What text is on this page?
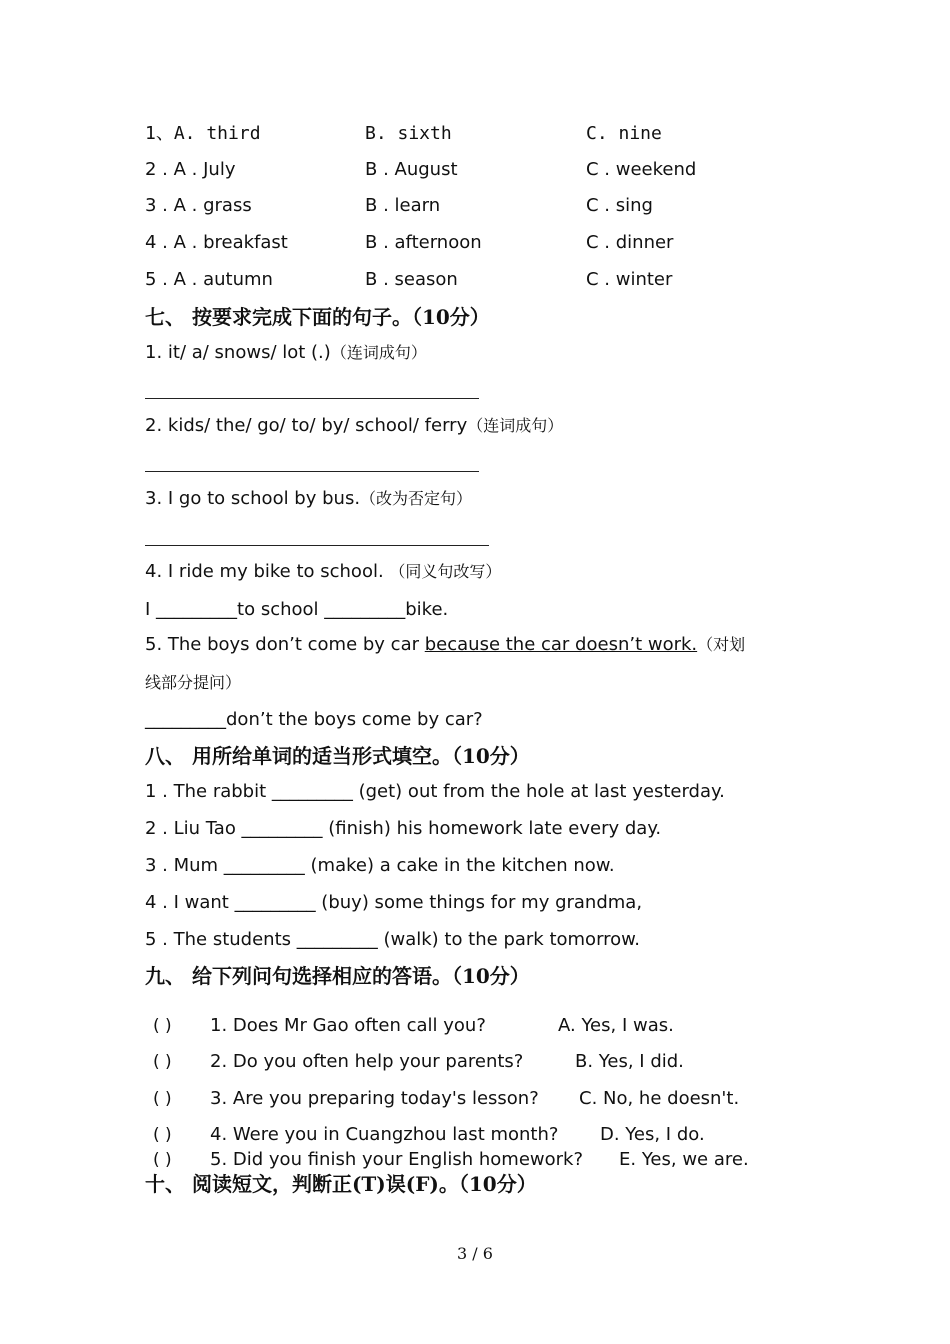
1、A. third	B. sixth	C. nine
2 . A . July	B . August	C . weekend
3 . A . grass	B . learn	C . sing
4 . A . breakfast	B . afternoon	C . dinner
5 . A . autumn	B . season	C . winter
七、 按要求完成下面的句子。（10分）
1. it/ a/ snows/ lot (.)（连词成句）
2. kids/ the/ go/ to/ by/ school/ ferry（连词成句）
3. I go to school by bus.（改为否定句）
4. I ride my bike to school. （同义句改写）
I _________to school _________bike.
5. The boys don’t come by car because the car doesn’t work.（对划
线部分提问）
_________don’t the boys come by car?
八、 用所给单词的适当形式填空。（10分）
1 . The rabbit _________ (get) out from the hole at last yesterday.
2 . Liu Tao _________ (finish) his homework late every day.
3 . Mum _________ (make) a cake in the kitchen now.
4 . I want _________ (buy) some things for my grandma,
5 . The students _________ (walk) to the park tomorrow.
九、 给下列问句选择相应的答语。（10分）
( ) 1. Does Mr Gao often call you?	A. Yes, I was.
( ) 2. Do you often help your parents?	B. Yes, I did.
( ) 3. Are you preparing today's lesson? C. No, he doesn't.
( ) 4. Were you in Cuangzhou last month? D. Yes, I do.
( ) 5. Did you finish your English homework? E. Yes, we are.
十、 阅读短文，判断正(T)误(F)。（10分）
3 / 6
